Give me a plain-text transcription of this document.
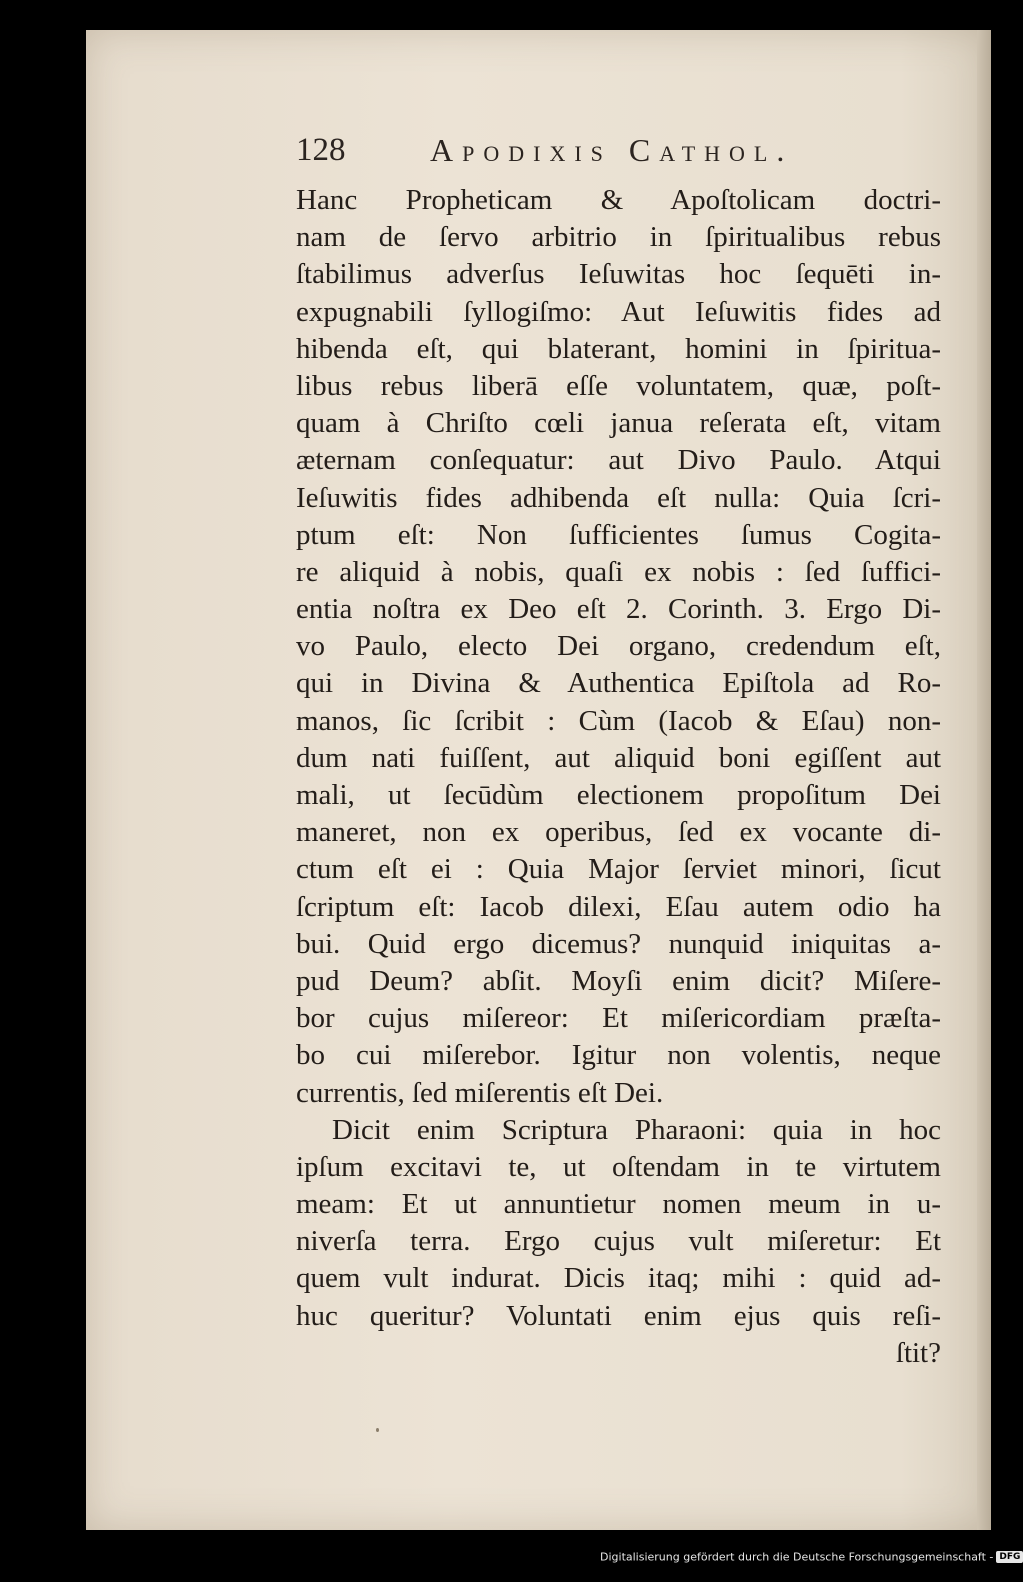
128	Apodixis Cathol.
Hanc Propheticam & Apoſtolicam doctri-
nam de ſervo arbitrio in ſpiritualibus rebus
ſtabilimus adverſus Ieſuwitas hoc ſequēti in-
expugnabili ſyllogiſmo: Aut Ieſuwitis fides ad
hibenda eſt, qui blaterant, homini in ſpiritua-
libus rebus liberā eſſe voluntatem, quæ, poſt-
quam à Chriſto cœli janua reſerata eſt, vitam
æternam conſequatur: aut Divo Paulo. Atqui
Ieſuwitis fides adhibenda eſt nulla: Quia ſcri-
ptum eſt: Non ſufficientes ſumus Cogita-
re aliquid à nobis, quaſi ex nobis : ſed ſuffici-
entia noſtra ex Deo eſt 2. Corinth. 3. Ergo Di-
vo Paulo, electo Dei organo, credendum eſt,
qui in Divina & Authentica Epiſtola ad Ro-
manos, ſic ſcribit : Cùm (Iacob & Eſau) non-
dum nati fuiſſent, aut aliquid boni egiſſent aut
mali, ut ſecūdùm electionem propoſitum Dei
maneret, non ex operibus, ſed ex vocante di-
ctum eſt ei : Quia Major ſerviet minori, ſicut
ſcriptum eſt: Iacob dilexi, Eſau autem odio ha
bui. Quid ergo dicemus? nunquid iniquitas a-
pud Deum? abſit. Moyſi enim dicit? Miſere-
bor cujus miſereor: Et miſericordiam præſta-
bo cui miſerebor. Igitur non volentis, neque
currentis, ſed miſerentis eſt Dei.
Dicit enim Scriptura Pharaoni: quia in hoc
ipſum excitavi te, ut oſtendam in te virtutem
meam: Et ut annuntietur nomen meum in u-
niverſa terra. Ergo cujus vult miſeretur: Et
quem vult indurat. Dicis itaq; mihi : quid ad-
huc queritur? Voluntati enim ejus quis reſi-
ſtit?
Digitalisierung gefördert durch die Deutsche Forschungsgemeinschaft - DFG
